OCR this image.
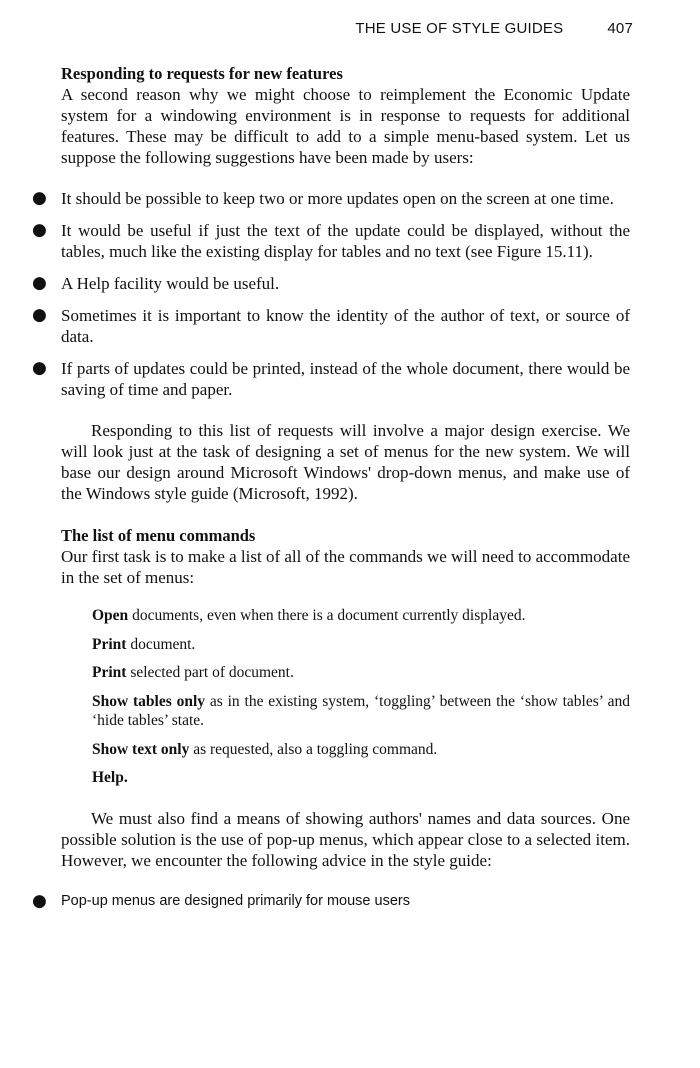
THE USE OF STYLE GUIDES	407
Responding to requests for new features

A second reason why we might choose to reimplement the Economic Update system for a windowing environment is in response to requests for additional features. These may be difficult to add to a simple menu-based system. Let us suppose the following suggestions have been made by users:

● It should be possible to keep two or more updates open on the screen at one time.
● It would be useful if just the text of the update could be displayed, without the tables, much like the existing display for tables and no text (see Figure 15.11).
● A Help facility would be useful.
● Sometimes it is important to know the identity of the author of text, or source of data.
● If parts of updates could be printed, instead of the whole document, there would be saving of time and paper.

Responding to this list of requests will involve a major design exercise. We will look just at the task of designing a set of menus for the new system. We will base our design around Microsoft Windows' drop-down menus, and make use of the Windows style guide (Microsoft, 1992).

The list of menu commands

Our first task is to make a list of all of the commands we will need to accommodate in the set of menus:

Open documents, even when there is a document currently displayed.
Print document.
Print selected part of document.
Show tables only as in the existing system, ‘toggling’ between the ‘show tables’ and ‘hide tables’ state.
Show text only as requested, also a toggling command.
Help.

We must also find a means of showing authors' names and data sources. One possible solution is the use of pop-up menus, which appear close to a selected item. However, we encounter the following advice in the style guide:

● Pop-up menus are designed primarily for mouse users
